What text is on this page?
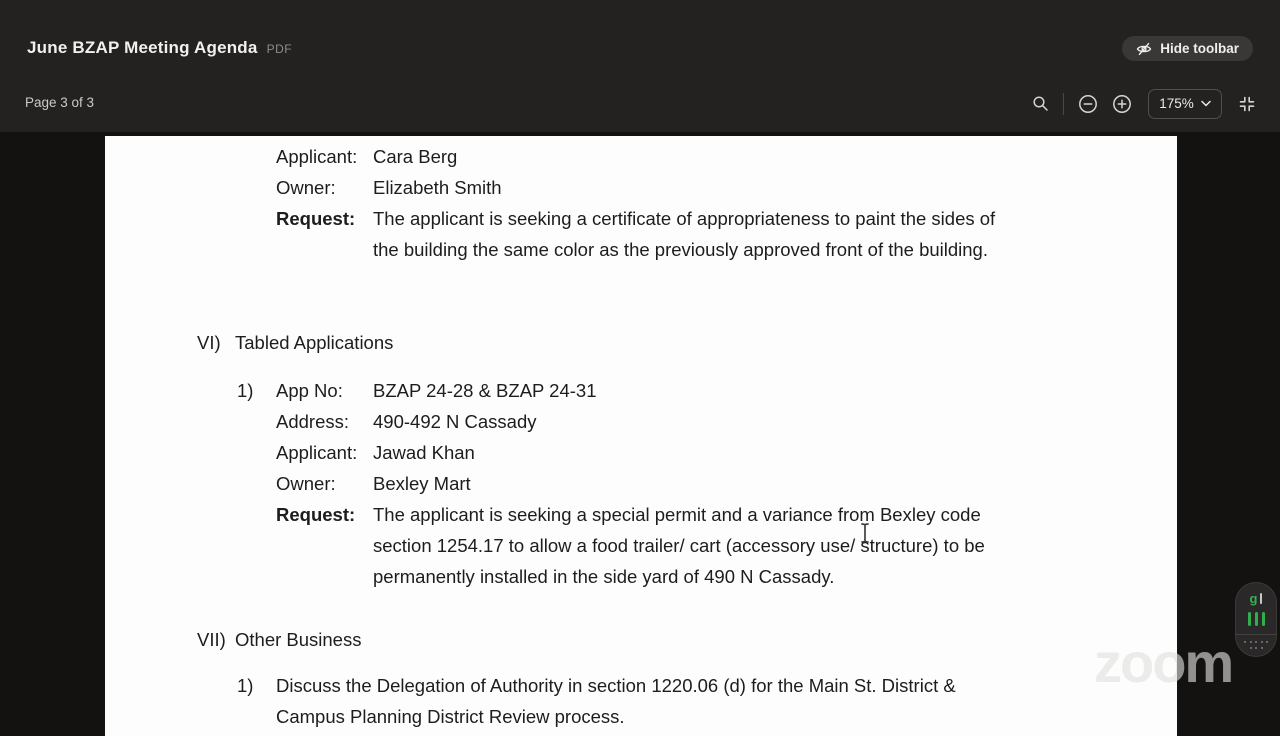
June BZAP Meeting Agenda PDF	Hide toolbar
Page 3 of 3	175%
Applicant: Cara Berg
Owner:	Elizabeth Smith
Request: The applicant is seeking a certificate of appropriateness to paint the sides of
the building the same color as the previously approved front of the building.
VI) Tabled Applications
1)	App No:	BZAP 24-28 & BZAP 24-31
Address:	490-492 N Cassady
Applicant: Jawad Khan
Owner:	Bexley Mart
Request: The applicant is seeking a special permit and a variance from Bexley code
section 1254.17 to allow a food trailer/ cart (accessory use/ structure) to be
permanently installed in the side yard of 490 N Cassady.
VII) Other Business
1)	Discuss the Delegation of Authority in section 1220.06 (d) for the Main St. District &
Campus Planning District Review process.
zoom
g
